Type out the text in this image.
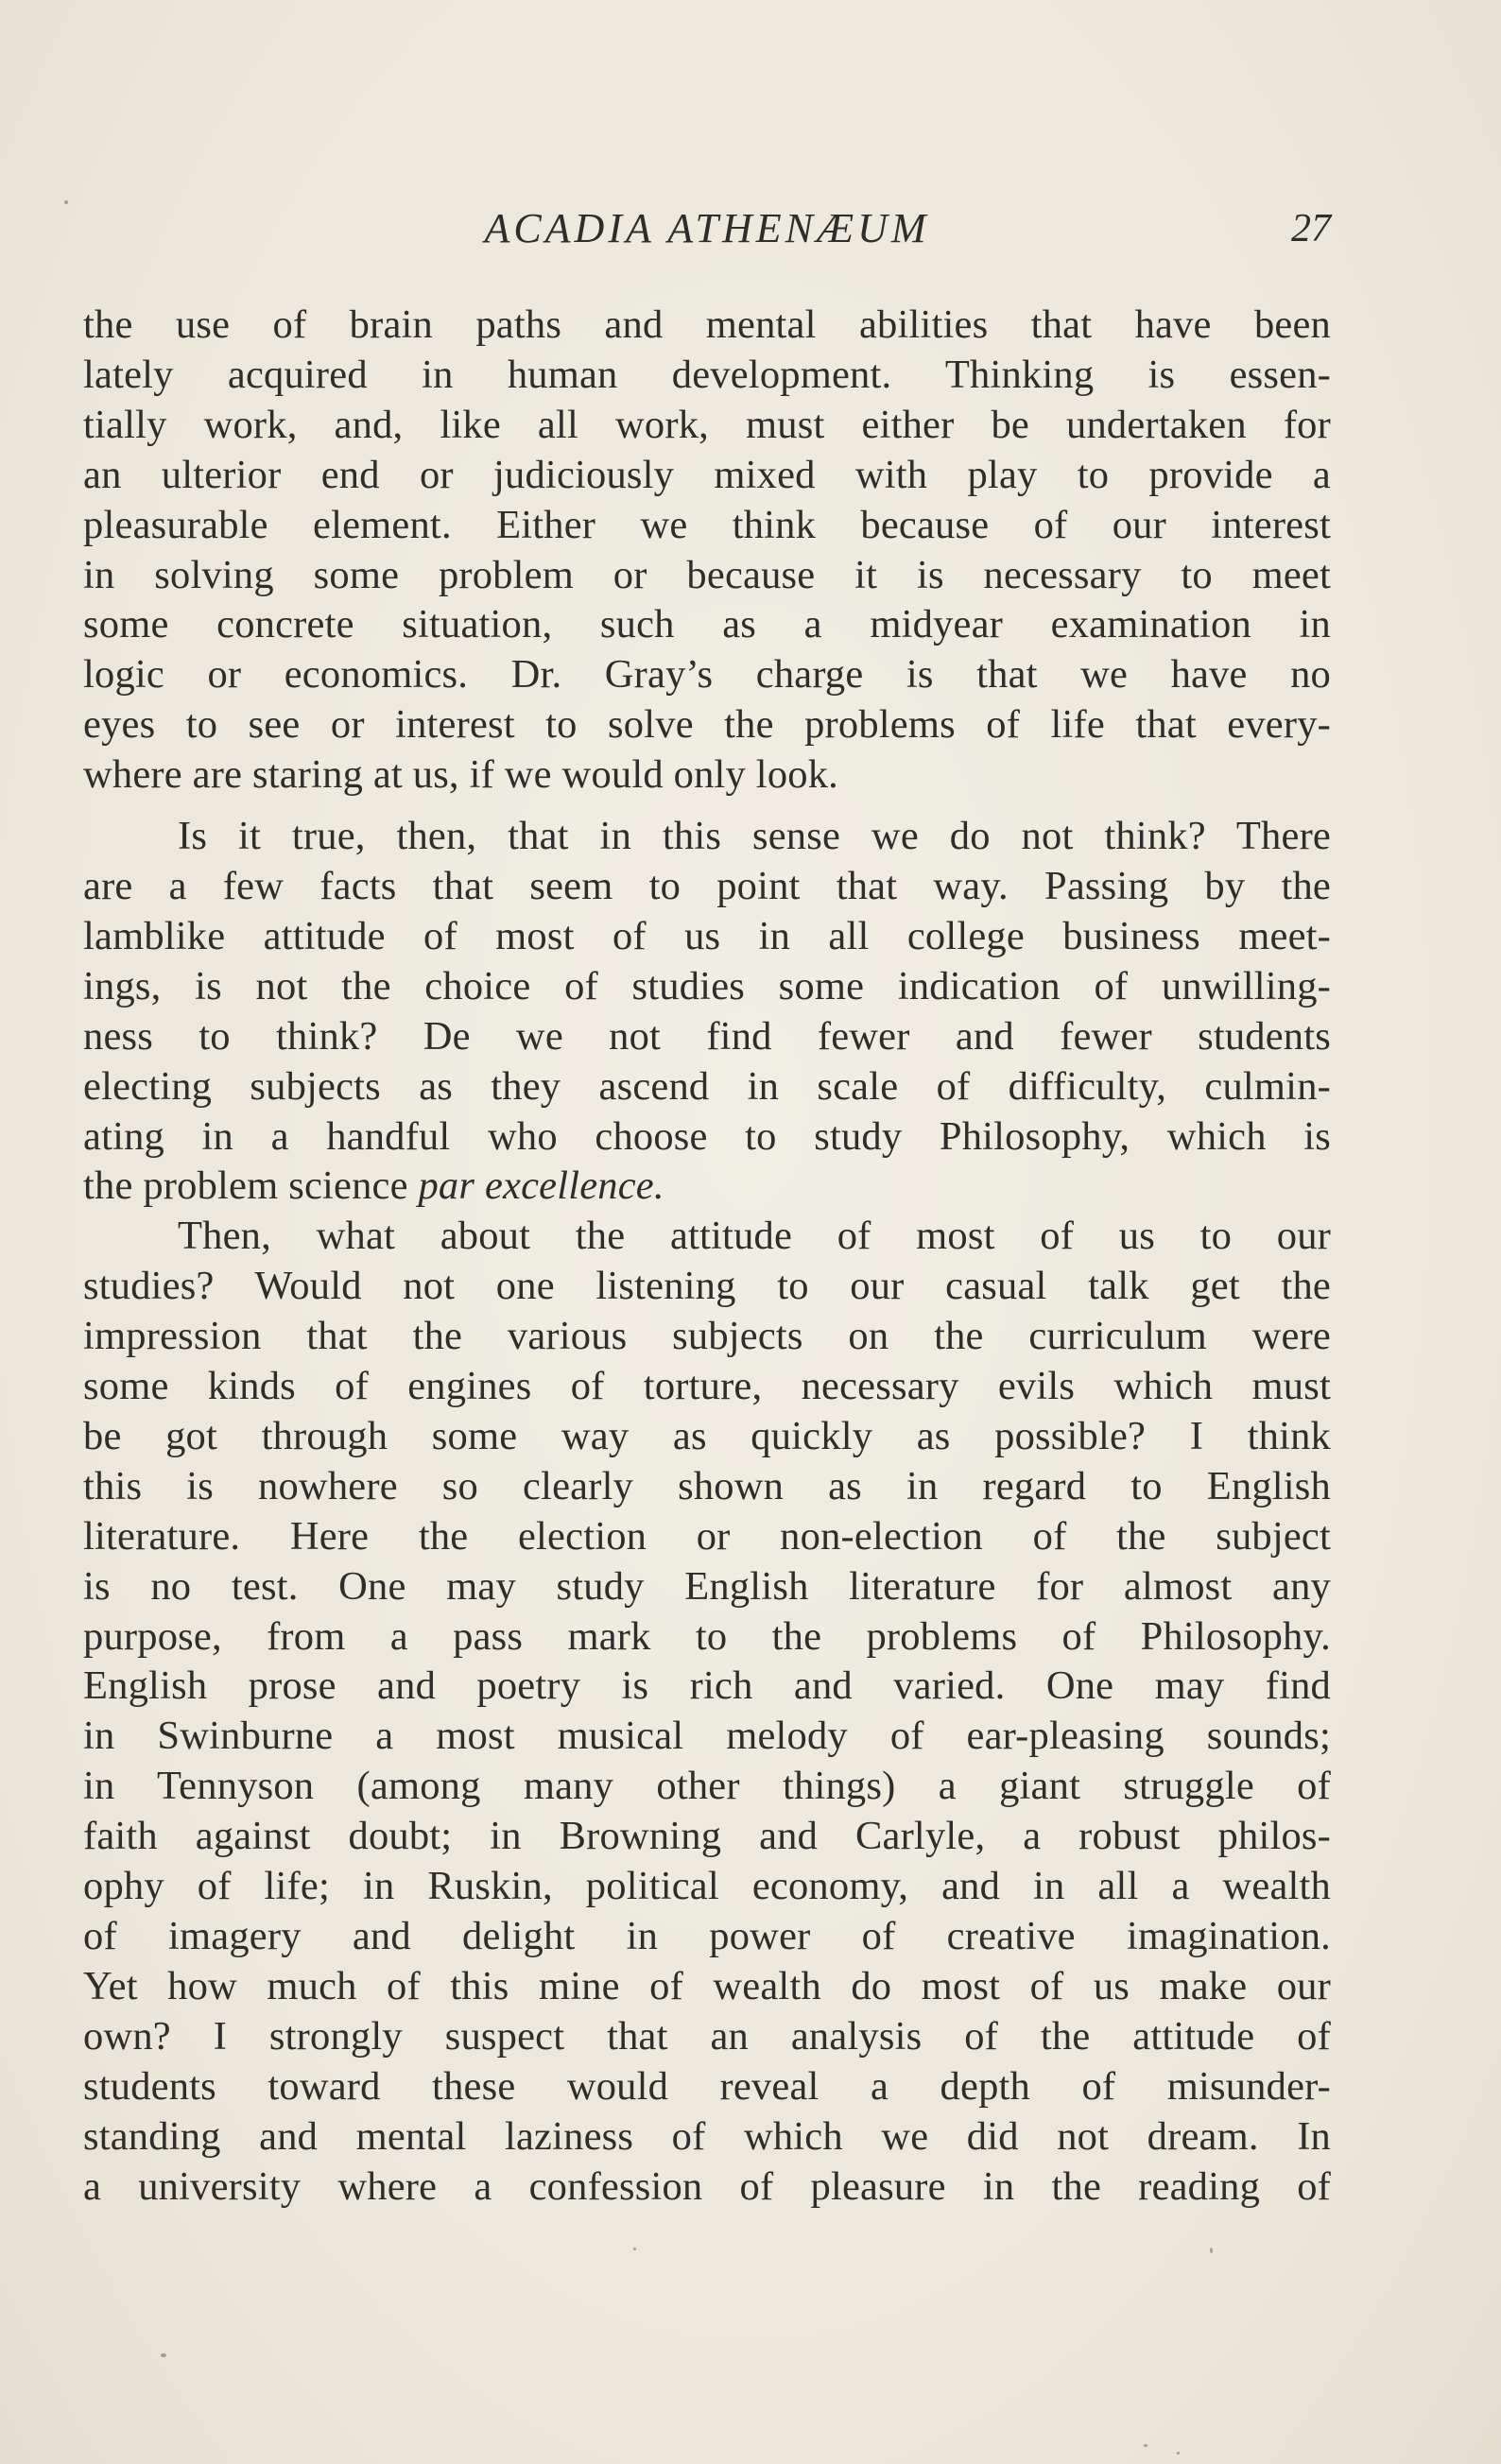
ACADIA ATHENÆUM	27

the use of brain paths and mental abilities that have been
lately acquired in human development. Thinking is essen-
tially work, and, like all work, must either be undertaken for
an ulterior end or judiciously mixed with play to provide a
pleasurable element. Either we think because of our interest
in solving some problem or because it is necessary to meet
some concrete situation, such as a midyear examination in
logic or economics. Dr. Gray’s charge is that we have no
eyes to see or interest to solve the problems of life that every-
where are staring at us, if we would only look.

Is it true, then, that in this sense we do not think? There
are a few facts that seem to point that way. Passing by the
lamblike attitude of most of us in all college business meet-
ings, is not the choice of studies some indication of unwilling-
ness to think? De we not find fewer and fewer students
electing subjects as they ascend in scale of difficulty, culmin-
ating in a handful who choose to study Philosophy, which is
the problem science par excellence.

Then, what about the attitude of most of us to our
studies? Would not one listening to our casual talk get the
impression that the various subjects on the curriculum were
some kinds of engines of torture, necessary evils which must
be got through some way as quickly as possible? I think
this is nowhere so clearly shown as in regard to English
literature. Here the election or non-election of the subject
is no test. One may study English literature for almost any
purpose, from a pass mark to the problems of Philosophy.
English prose and poetry is rich and varied. One may find
in Swinburne a most musical melody of ear-pleasing sounds;
in Tennyson (among many other things) a giant struggle of
faith against doubt; in Browning and Carlyle, a robust philos-
ophy of life; in Ruskin, political economy, and in all a wealth
of imagery and delight in power of creative imagination.
Yet how much of this mine of wealth do most of us make our
own? I strongly suspect that an analysis of the attitude of
students toward these would reveal a depth of misunder-
standing and mental laziness of which we did not dream. In
a university where a confession of pleasure in the reading of
